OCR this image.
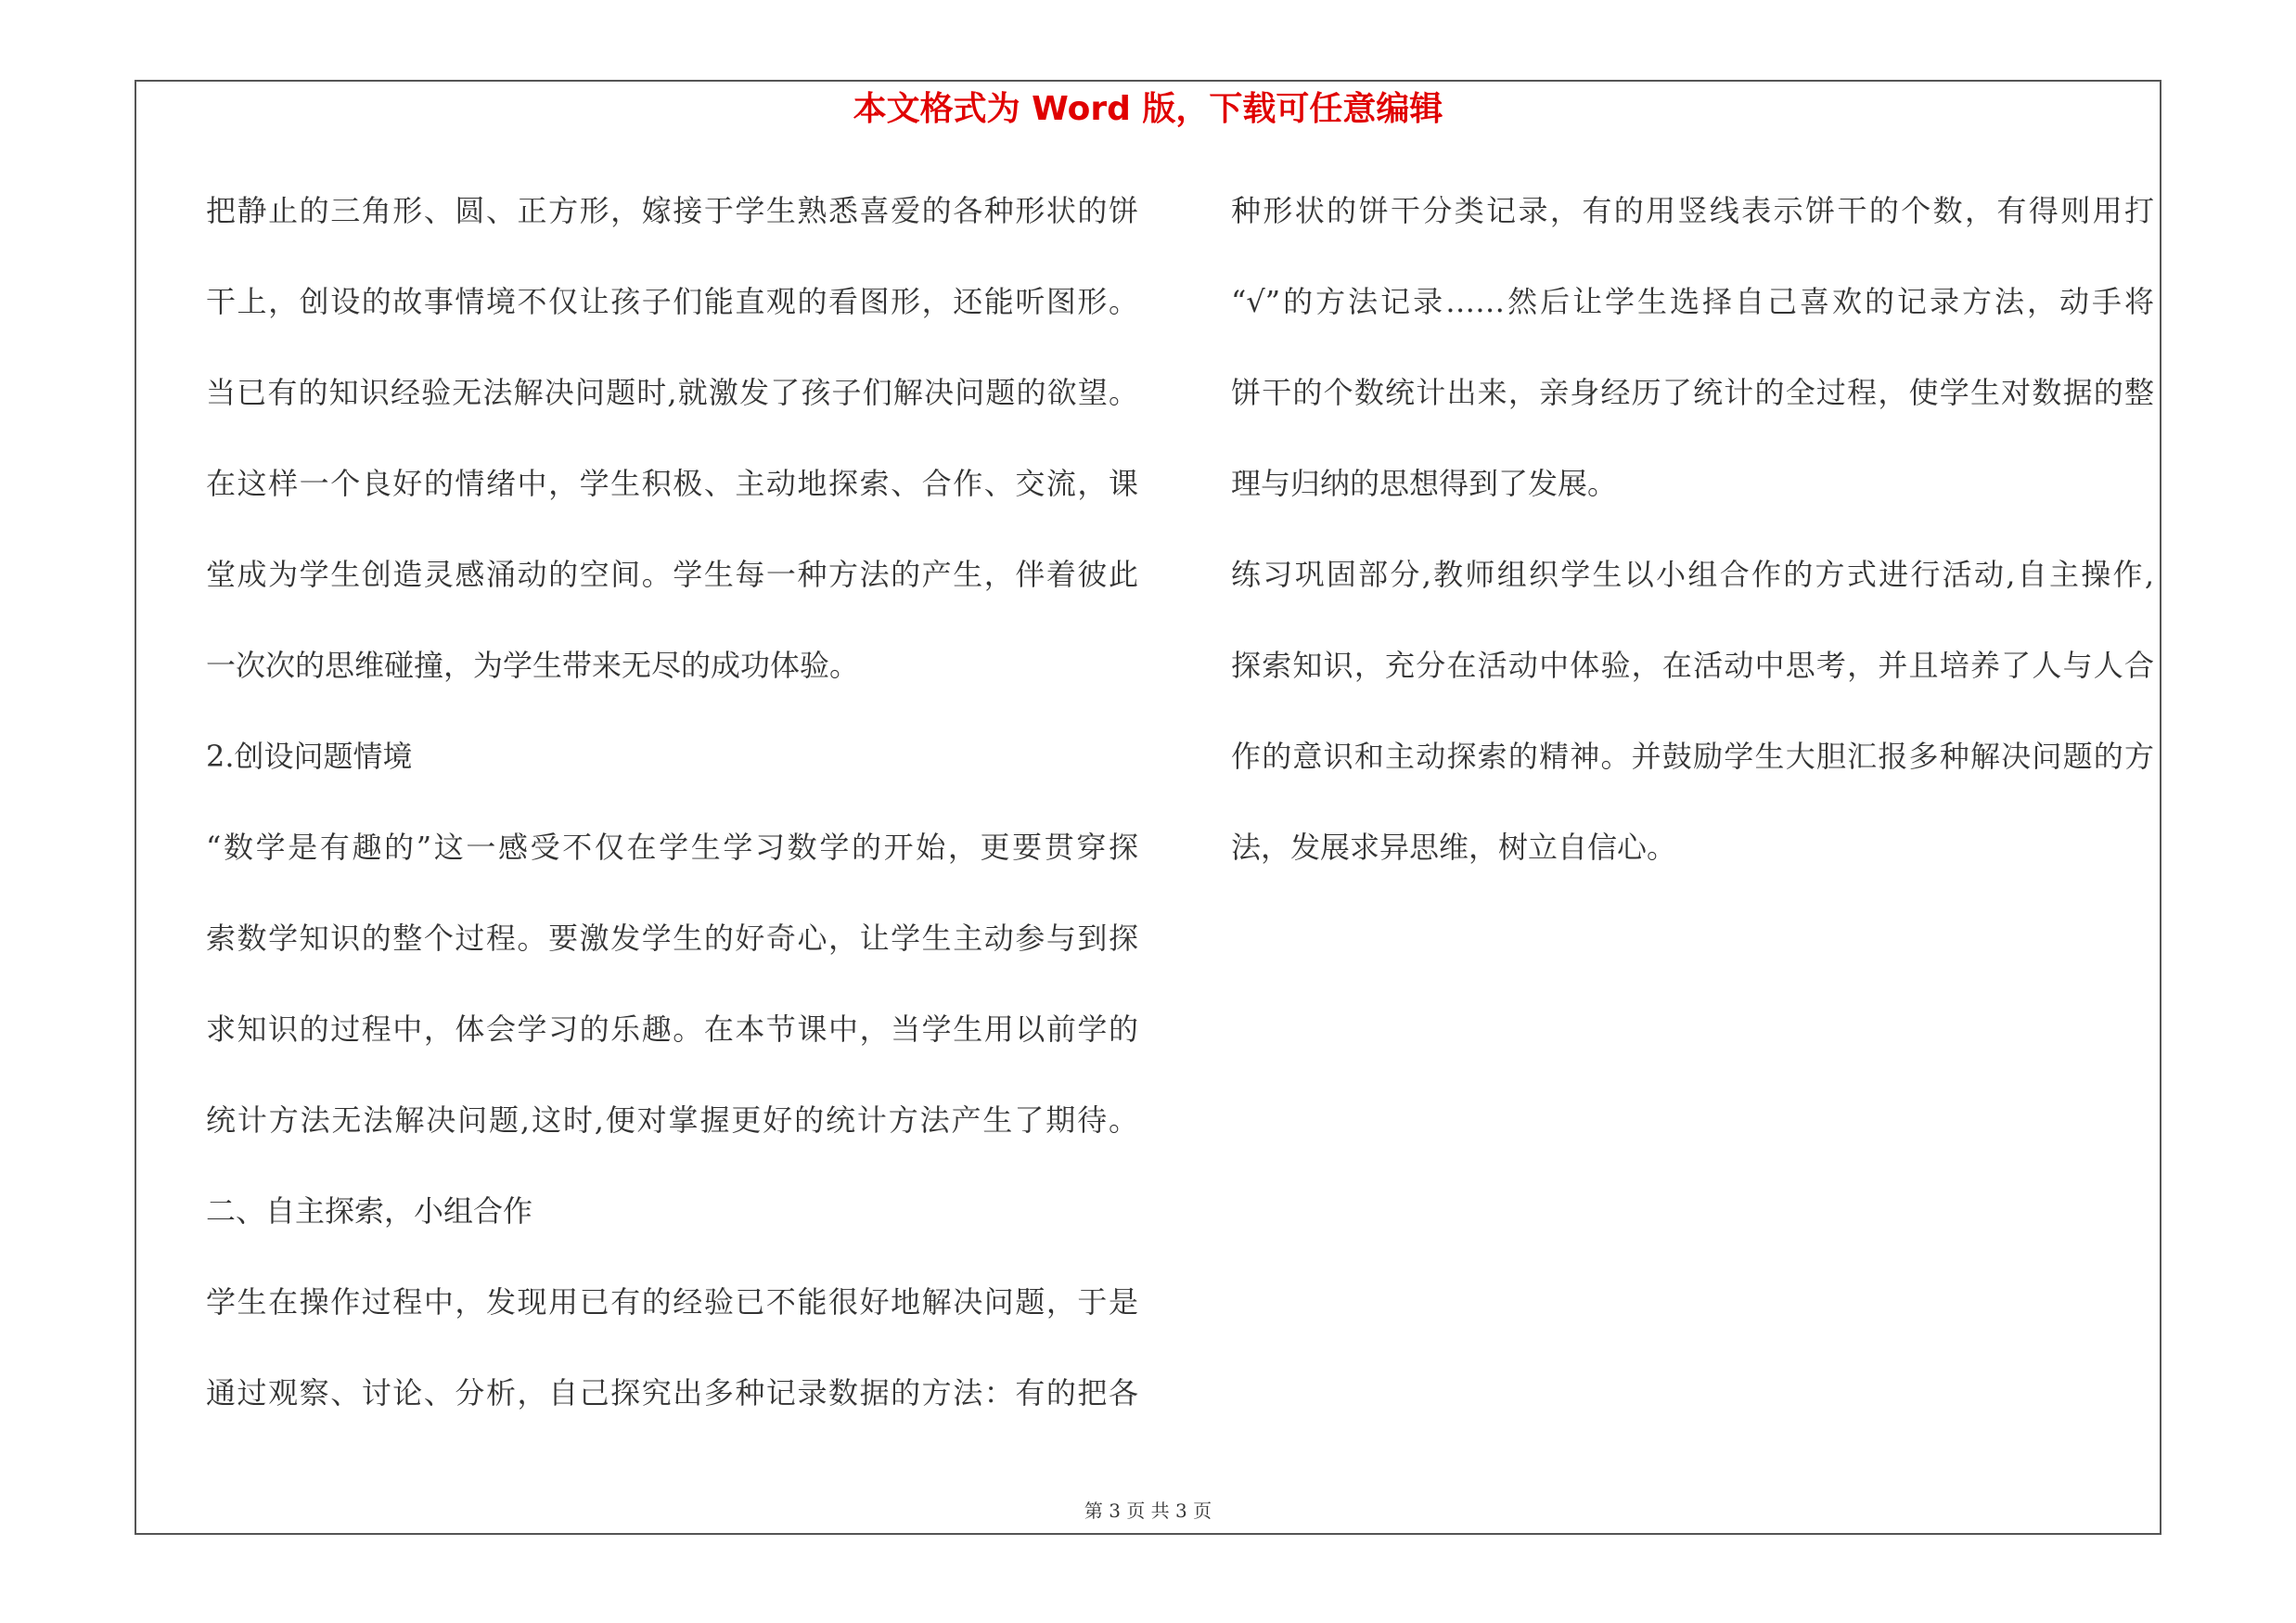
本文格式为 Word 版，下载可任意编辑
把静止的三角形、圆、正方形，嫁接于学生熟悉喜爱的各种形状的饼
干上，创设的故事情境不仅让孩子们能直观的看图形，还能听图形。
当已有的知识经验无法解决问题时,就激发了孩子们解决问题的欲望。
在这样一个良好的情绪中，学生积极、主动地探索、合作、交流，课
堂成为学生创造灵感涌动的空间。学生每一种方法的产生，伴着彼此
一次次的思维碰撞，为学生带来无尽的成功体验。
2.创设问题情境
“数学是有趣的”这一感受不仅在学生学习数学的开始，更要贯穿探
索数学知识的整个过程。要激发学生的好奇心，让学生主动参与到探
求知识的过程中，体会学习的乐趣。在本节课中，当学生用以前学的
统计方法无法解决问题,这时,便对掌握更好的统计方法产生了期待。
二、自主探索，小组合作
学生在操作过程中，发现用已有的经验已不能很好地解决问题，于是
通过观察、讨论、分析，自己探究出多种记录数据的方法：有的把各
种形状的饼干分类记录，有的用竖线表示饼干的个数，有得则用打
“√”的方法记录……然后让学生选择自己喜欢的记录方法，动手将
饼干的个数统计出来，亲身经历了统计的全过程，使学生对数据的整
理与归纳的思想得到了发展。
练习巩固部分,教师组织学生以小组合作的方式进行活动,自主操作,
探索知识，充分在活动中体验，在活动中思考，并且培养了人与人合
作的意识和主动探索的精神。并鼓励学生大胆汇报多种解决问题的方
法，发展求异思维，树立自信心。
第 3 页 共 3 页
